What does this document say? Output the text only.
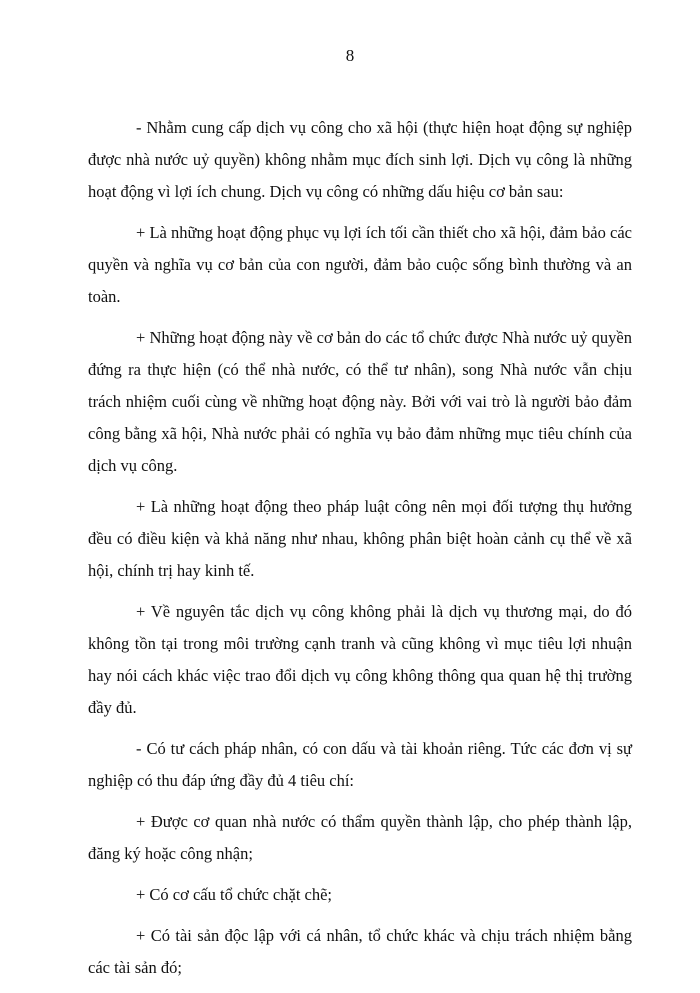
8

- Nhằm cung cấp dịch vụ công cho xã hội (thực hiện hoạt động sự nghiệp được nhà nước uỷ quyền) không nhằm mục đích sinh lợi. Dịch vụ công là những hoạt động vì lợi ích chung. Dịch vụ công có những dấu hiệu cơ bản sau:

+ Là những hoạt động phục vụ lợi ích tối cần thiết cho xã hội, đảm bảo các quyền và nghĩa vụ cơ bản của con người, đảm bảo cuộc sống bình thường và an toàn.

+ Những hoạt động này về cơ bản do các tổ chức được Nhà nước uỷ quyền đứng ra thực hiện (có thể nhà nước, có thể tư nhân), song Nhà nước vẫn chịu trách nhiệm cuối cùng về những hoạt động này. Bởi với vai trò là người bảo đảm công bằng xã hội, Nhà nước phải có nghĩa vụ bảo đảm những mục tiêu chính của dịch vụ công.

+ Là những hoạt động theo pháp luật công nên mọi đối tượng thụ hưởng đều có điều kiện và khả năng như nhau, không phân biệt hoàn cảnh cụ thể về xã hội, chính trị hay kinh tế.

+ Về nguyên tắc dịch vụ công không phải là dịch vụ thương mại, do đó không tồn tại trong môi trường cạnh tranh và cũng không vì mục tiêu lợi nhuận hay nói cách khác việc trao đổi dịch vụ công không thông qua quan hệ thị trường đầy đủ.

- Có tư cách pháp nhân, có con dấu và tài khoản riêng. Tức các đơn vị sự nghiệp có thu đáp ứng đầy đủ 4 tiêu chí:

+ Được cơ quan nhà nước có thẩm quyền thành lập, cho phép thành lập, đăng ký hoặc công nhận;

+ Có cơ cấu tổ chức chặt chẽ;

+ Có tài sản độc lập với cá nhân, tổ chức khác và chịu trách nhiệm bằng các tài sản đó;
